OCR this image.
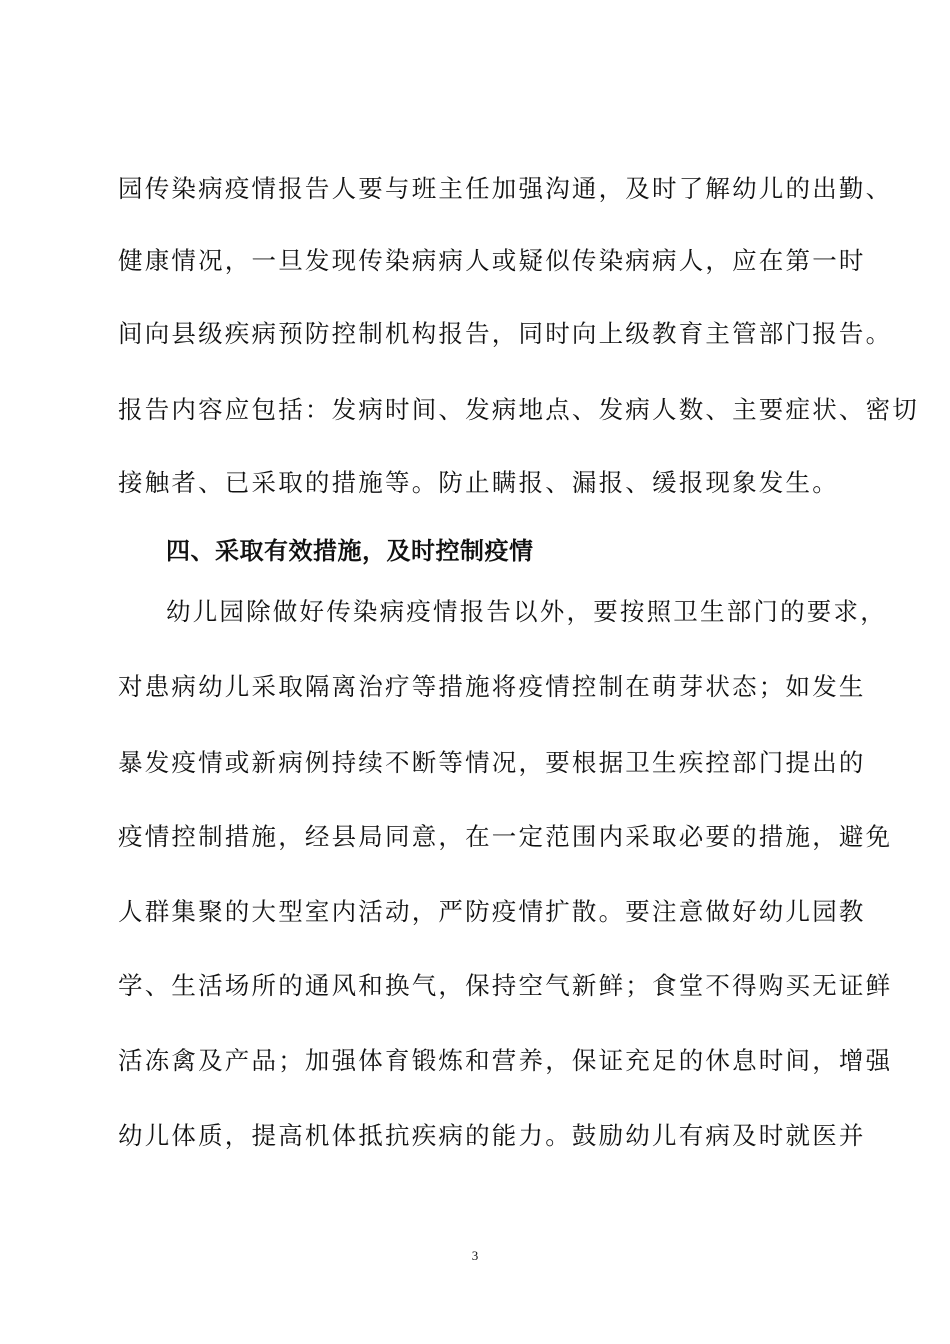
园传染病疫情报告人要与班主任加强沟通，及时了解幼儿的出勤、
健康情况，一旦发现传染病病人或疑似传染病病人，应在第一时
间向县级疾病预防控制机构报告，同时向上级教育主管部门报告。
报告内容应包括：发病时间、发病地点、发病人数、主要症状、密切
接触者、已采取的措施等。防止瞒报、漏报、缓报现象发生。
四、采取有效措施，及时控制疫情
幼儿园除做好传染病疫情报告以外，要按照卫生部门的要求，
对患病幼儿采取隔离治疗等措施将疫情控制在萌芽状态；如发生
暴发疫情或新病例持续不断等情况，要根据卫生疾控部门提出的
疫情控制措施，经县局同意，在一定范围内采取必要的措施，避免
人群集聚的大型室内活动，严防疫情扩散。要注意做好幼儿园教
学、生活场所的通风和换气，保持空气新鲜；食堂不得购买无证鲜
活冻禽及产品；加强体育锻炼和营养，保证充足的休息时间，增强
幼儿体质，提高机体抵抗疾病的能力。鼓励幼儿有病及时就医并
3
